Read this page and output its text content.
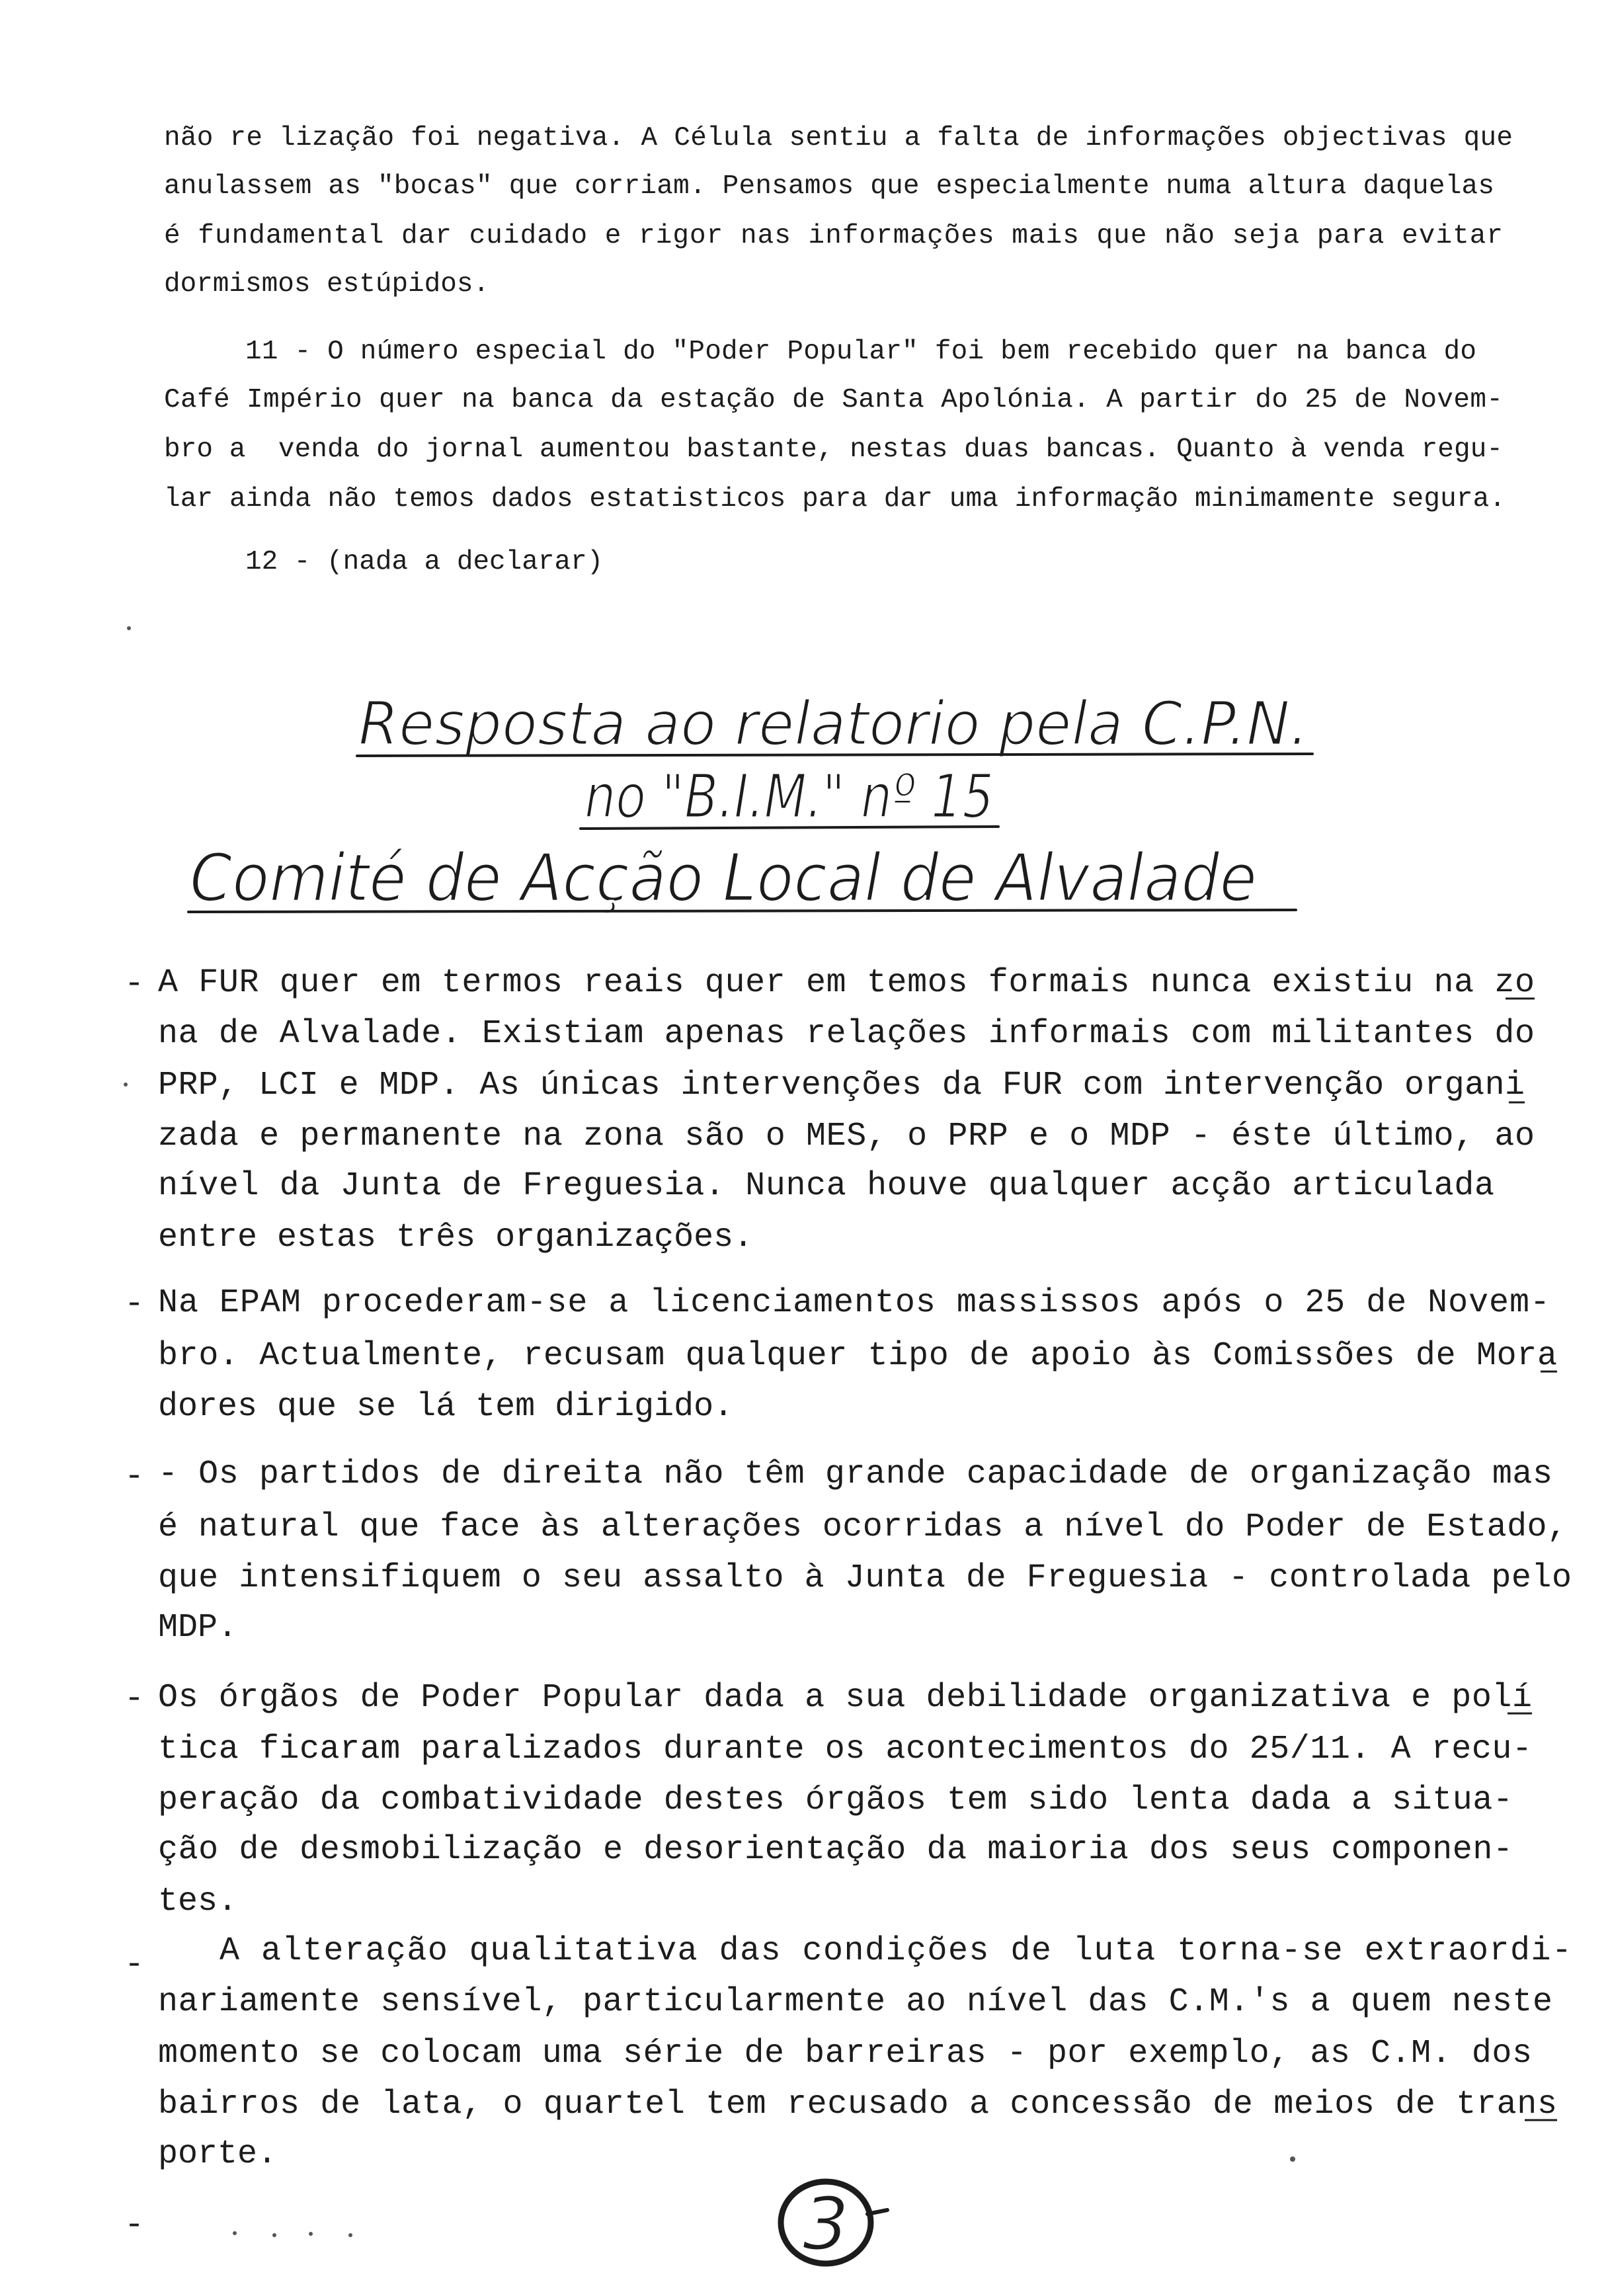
não re lização foi negativa. A Célula sentiu a falta de informações objectivas que
anulassem as "bocas" que corriam. Pensamos que especialmente numa altura daquelas
é fundamental dar cuidado e rigor nas informações mais que não seja para evitar
dormismos estúpidos.
11 - O número especial do "Poder Popular" foi bem recebido quer na banca do
Café Império quer na banca da estação de Santa Apolónia. A partir do 25 de Novem-
bro a  venda do jornal aumentou bastante, nestas duas bancas. Quanto à venda regu-
lar ainda não temos dados estatisticos para dar uma informação minimamente segura.
12 - (nada a declarar)
Resposta ao relatorio pela C.P.N.
no "B.I.M." nº 15
Comité de Acção Local de Alvalade
- A FUR quer em termos reais quer em temos formais nunca existiu na zo
na de Alvalade. Existiam apenas relações informais com militantes do
PRP, LCI e MDP. As únicas intervenções da FUR com intervenção organi
zada e permanente na zona são o MES, o PRP e o MDP - éste último, ao
nível da Junta de Freguesia. Nunca houve qualquer acção articulada
entre estas três organizações.
- Na EPAM procederam-se a licenciamentos massissos após o 25 de Novem-
bro. Actualmente, recusam qualquer tipo de apoio às Comissões de Mora
dores que se lá tem dirigido.
- - Os partidos de direita não têm grande capacidade de organização mas
é natural que face às alterações ocorridas a nível do Poder de Estado,
que intensifiquem o seu assalto à Junta de Freguesia - controlada pelo
MDP.
- Os órgãos de Poder Popular dada a sua debilidade organizativa e polí
tica ficaram paralizados durante os acontecimentos do 25/11. A recu-
peração da combatividade destes órgãos tem sido lenta dada a situa-
ção de desmobilização e desorientação da maioria dos seus componen-
tes.
- A alteração qualitativa das condições de luta torna-se extraordi-
nariamente sensível, particularmente ao nível das C.M.'s a quem neste
momento se colocam uma série de barreiras - por exemplo, as C.M. dos
bairros de lata, o quartel tem recusado a concessão de meios de trans
porte.
-	3
